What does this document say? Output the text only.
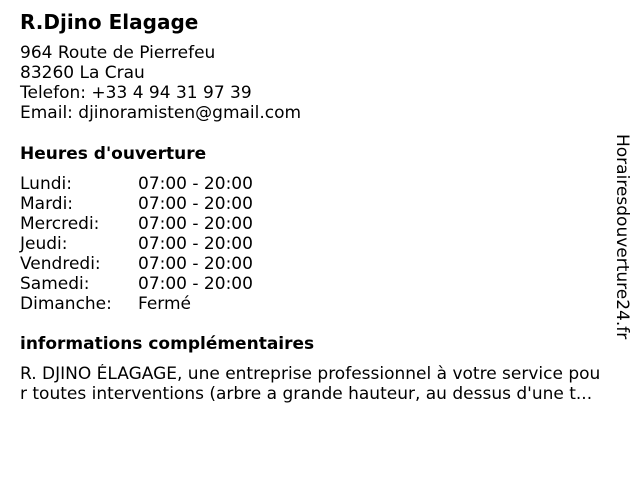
R.Djino Elagage
964 Route de Pierrefeu
83260 La Crau
Telefon: +33 4 94 31 97 39
Email: djinoramisten@gmail.com
Heures d'ouverture
Lundi:	07:00 - 20:00
Mardi:	07:00 - 20:00
Mercredi:	07:00 - 20:00
Jeudi:	07:00 - 20:00
Vendredi:	07:00 - 20:00
Samedi:	07:00 - 20:00
Dimanche:	Fermé
informations complémentaires
R. DJINO ÉLAGAGE, une entreprise professionnel à votre service pou
r toutes interventions (arbre a grande hauteur, au dessus d'une t...
Horairesdouverture24.fr
